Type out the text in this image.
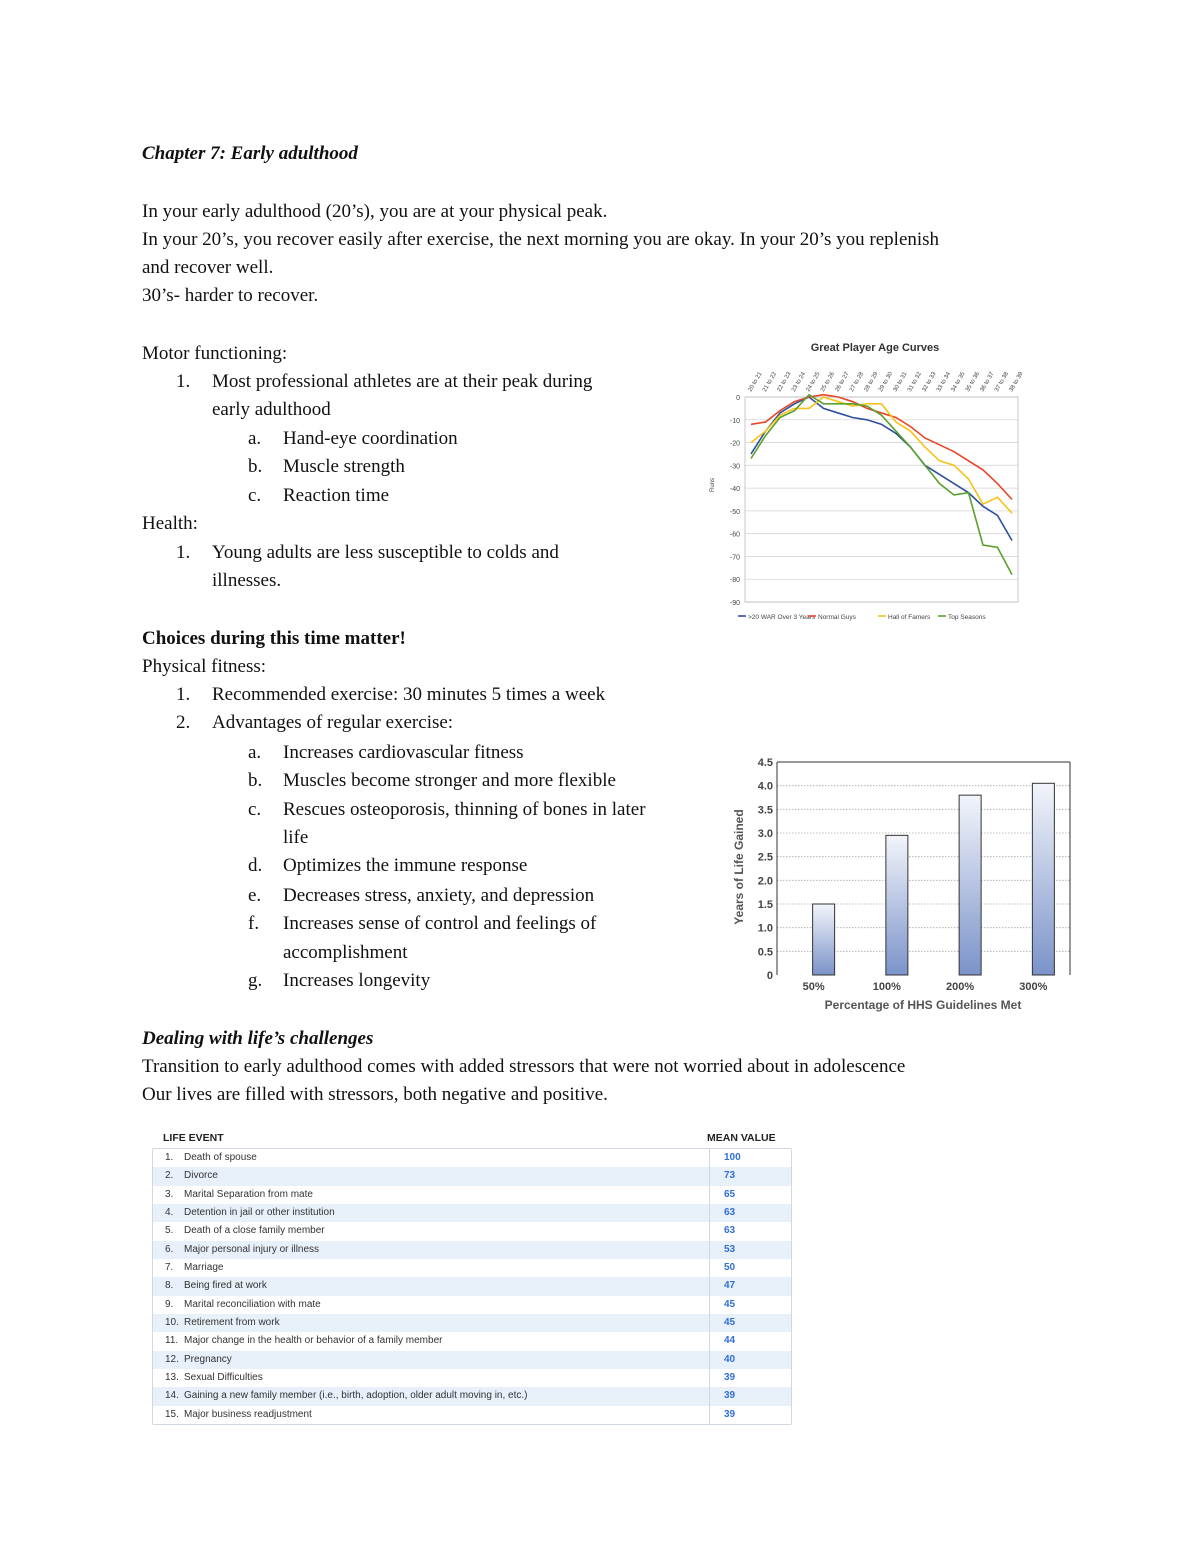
Chapter 7: Early adulthood
In your early adulthood (20’s), you are at your physical peak.
In your 20’s, you recover easily after exercise, the next morning you are okay. In your 20’s you replenish
and recover well.
30’s- harder to recover.
Motor functioning:
1. Most professional athletes are at their peak during
early adulthood
a. Hand-eye coordination
b. Muscle strength
c. Reaction time
Health:
1. Young adults are less susceptible to colds and
illnesses.
Choices during this time matter!
Physical fitness:
1. Recommended exercise: 30 minutes 5 times a week
2. Advantages of regular exercise:
a. Increases cardiovascular fitness
b. Muscles become stronger and more flexible
c. Rescues osteoporosis, thinning of bones in later
life
d. Optimizes the immune response
e. Decreases stress, anxiety, and depression
f. Increases sense of control and feelings of
accomplishment
g. Increases longevity
Dealing with life’s challenges
Transition to early adulthood comes with added stressors that were not worried about in adolescence
Our lives are filled with stressors, both negative and positive.
Great Player Age Curves
20 to 21
21 to 22
22 to 23
23 to 24
24 to 25
25 to 26
26 to 27
27 to 28
28 to 29
29 to 30
30 to 31
31 to 32
32 to 33
33 to 34
34 to 35
35 to 36
36 to 37
37 to 38
38 to 39
0
-10
-20
-30
-40
-50
-60
-70
-80
-90
Runs
>20 WAR Over 3 Years Normal Guys	Hall of Famers	Top Seasons
0
0.5
1.0
1.5
2.0
2.5
3.0
3.5
4.0
4.5
50%	100%	200%	300%
Years of Life Gained
Percentage of HHS Guidelines Met
LIFE EVENT	MEAN VALUE
1. Death of spouse	100
2. Divorce	73
3. Marital Separation from mate	65
4. Detention in jail or other institution	63
5. Death of a close family member	63
6. Major personal injury or illness	53
7. Marriage	50
8. Being fired at work	47
9. Marital reconciliation with mate	45
10. Retirement from work	45
11. Major change in the health or behavior of a family member	44
12. Pregnancy	40
13. Sexual Difficulties	39
14. Gaining a new family member (i.e., birth, adoption, older adult moving in, etc.)	39
15. Major business readjustment	39
